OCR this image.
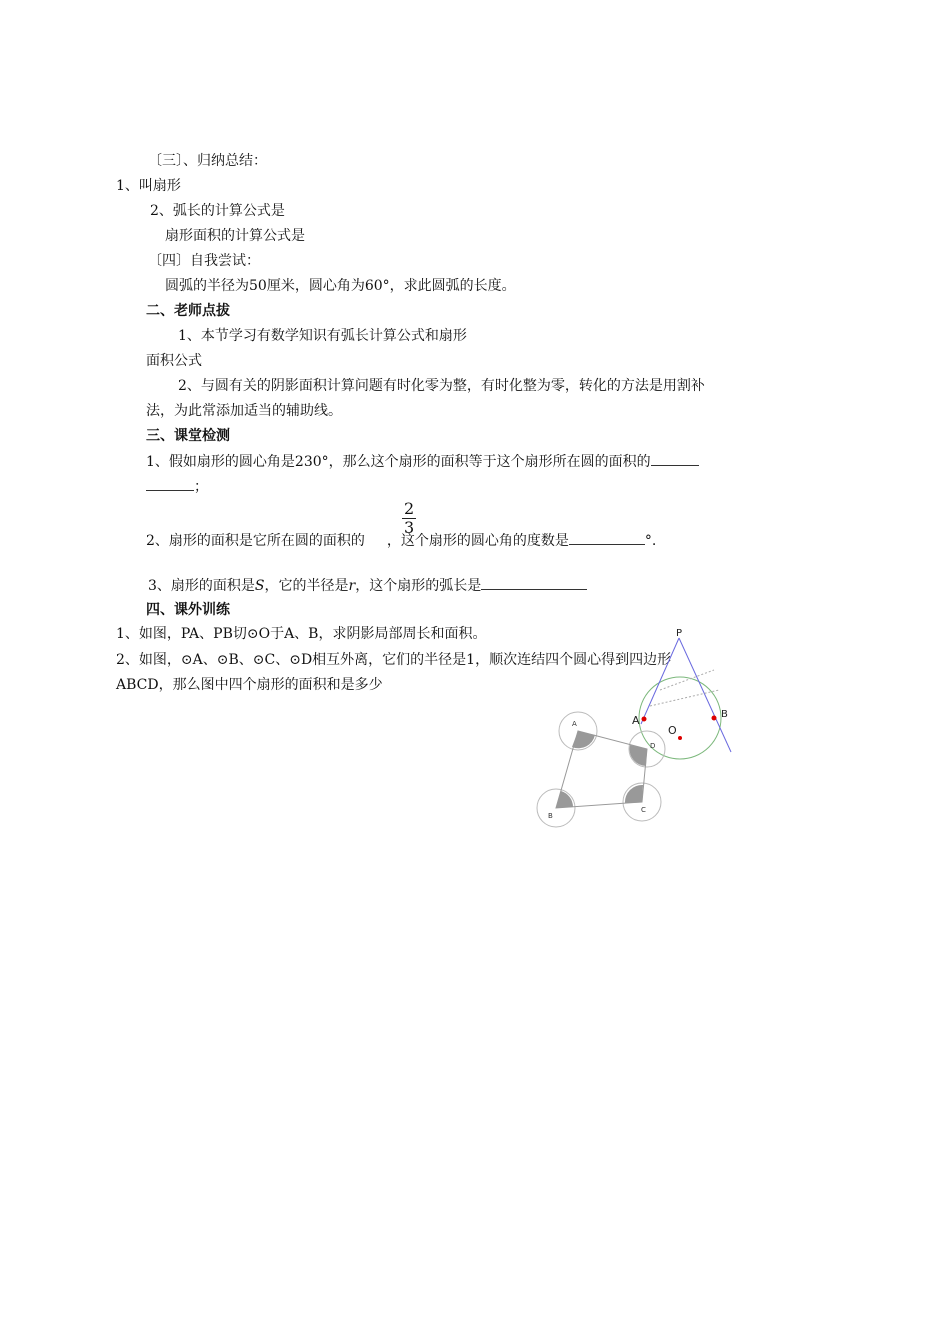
〔三〕、归纳总结：
1、叫扇形
2、弧长的计算公式是
扇形面积的计算公式是
〔四〕自我尝试：
圆弧的半径为50厘米，圆心角为60°，求此圆弧的长度。
二、老师点拔
1、本节学习有数学知识有弧长计算公式和扇形
面积公式
2、与圆有关的阴影面积计算问题有时化零为整，有时化整为零，转化的方法是用割补
法，为此常添加适当的辅助线。
三、课堂检测
1、假如扇形的圆心角是230°，那么这个扇形的面积等于这个扇形所在圆的面积的
；
$\frac{2}{3}$
2、扇形的面积是它所在圆的面积的 ，这个扇形的圆心角的度数是	°.
3、扇形的面积是S，它的半径是r，这个扇形的弧长是
四、课外训练
1、如图，PA、PB切⊙O于A、B，求阴影局部周长和面积。
2、如图，⊙A、⊙B、⊙C、⊙D相互外离，它们的半径是1，顺次连结四个圆心得到四边形
ABCD，那么图中四个扇形的面积和是多少
P
A	B
O
A
D
B
C
